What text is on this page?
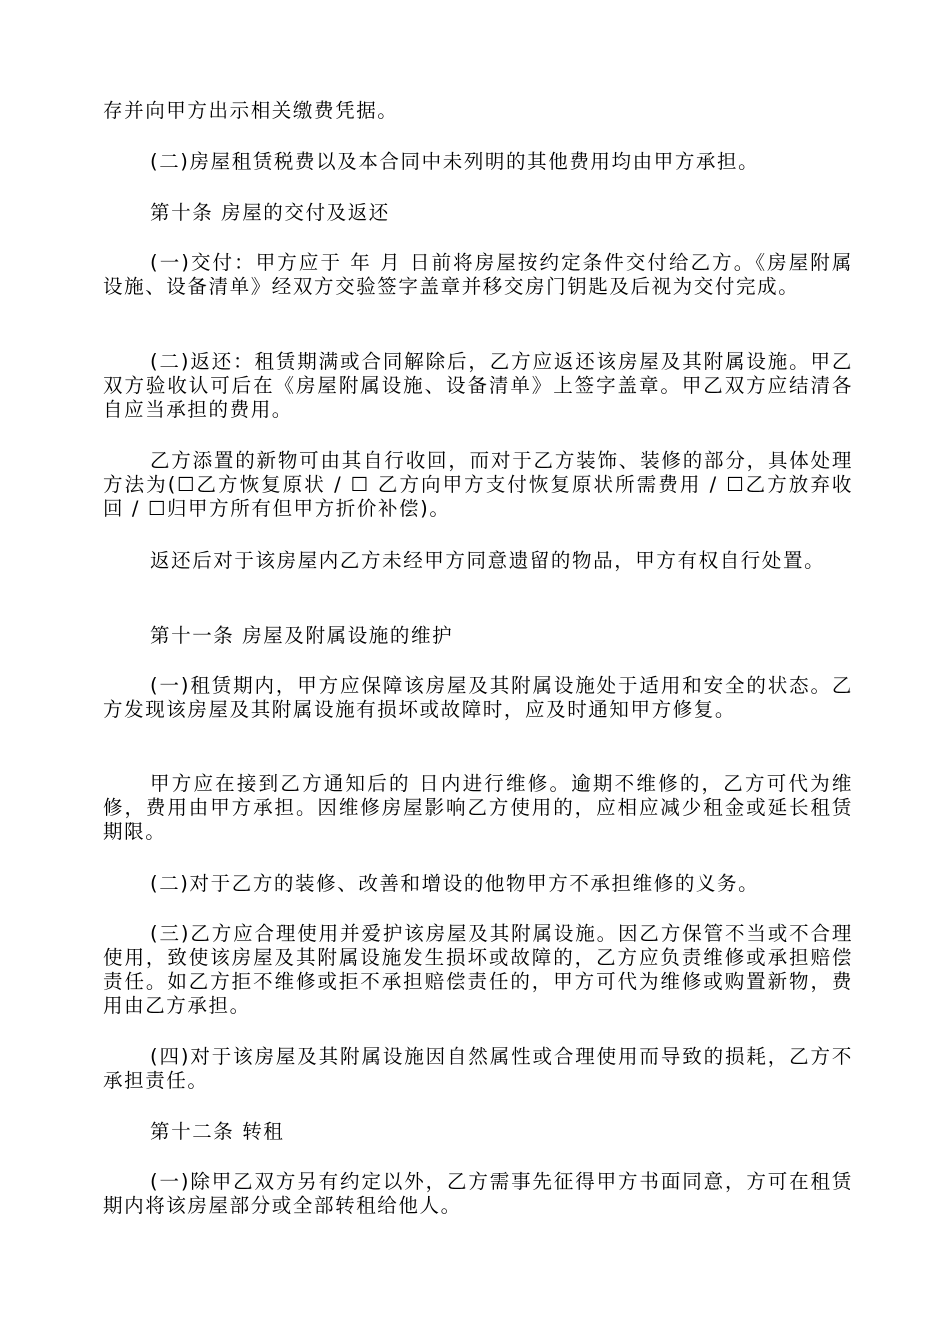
存并向甲方出示相关缴费凭据。

(二)房屋租赁税费以及本合同中未列明的其他费用均由甲方承担。

第十条 房屋的交付及返还

(一)交付：甲方应于 年 月 日前将房屋按约定条件交付给乙方。《房屋附属设施、设备清单》经双方交验签字盖章并移交房门钥匙及后视为交付完成。

(二)返还：租赁期满或合同解除后，乙方应返还该房屋及其附属设施。甲乙双方验收认可后在《房屋附属设施、设备清单》上签字盖章。甲乙双方应结清各自应当承担的费用。

乙方添置的新物可由其自行收回，而对于乙方装饰、装修的部分，具体处理方法为(☐乙方恢复原状 / ☐ 乙方向甲方支付恢复原状所需费用 / ☐乙方放弃收回 / ☐归甲方所有但甲方折价补偿)。

返还后对于该房屋内乙方未经甲方同意遗留的物品，甲方有权自行处置。

第十一条 房屋及附属设施的维护

(一)租赁期内，甲方应保障该房屋及其附属设施处于适用和安全的状态。乙方发现该房屋及其附属设施有损坏或故障时，应及时通知甲方修复。

甲方应在接到乙方通知后的 日内进行维修。逾期不维修的，乙方可代为维修，费用由甲方承担。因维修房屋影响乙方使用的，应相应减少租金或延长租赁期限。

(二)对于乙方的装修、改善和增设的他物甲方不承担维修的义务。

(三)乙方应合理使用并爱护该房屋及其附属设施。因乙方保管不当或不合理使用，致使该房屋及其附属设施发生损坏或故障的，乙方应负责维修或承担赔偿责任。如乙方拒不维修或拒不承担赔偿责任的，甲方可代为维修或购置新物，费用由乙方承担。

(四)对于该房屋及其附属设施因自然属性或合理使用而导致的损耗，乙方不承担责任。

第十二条 转租

(一)除甲乙双方另有约定以外，乙方需事先征得甲方书面同意，方可在租赁期内将该房屋部分或全部转租给他人。
